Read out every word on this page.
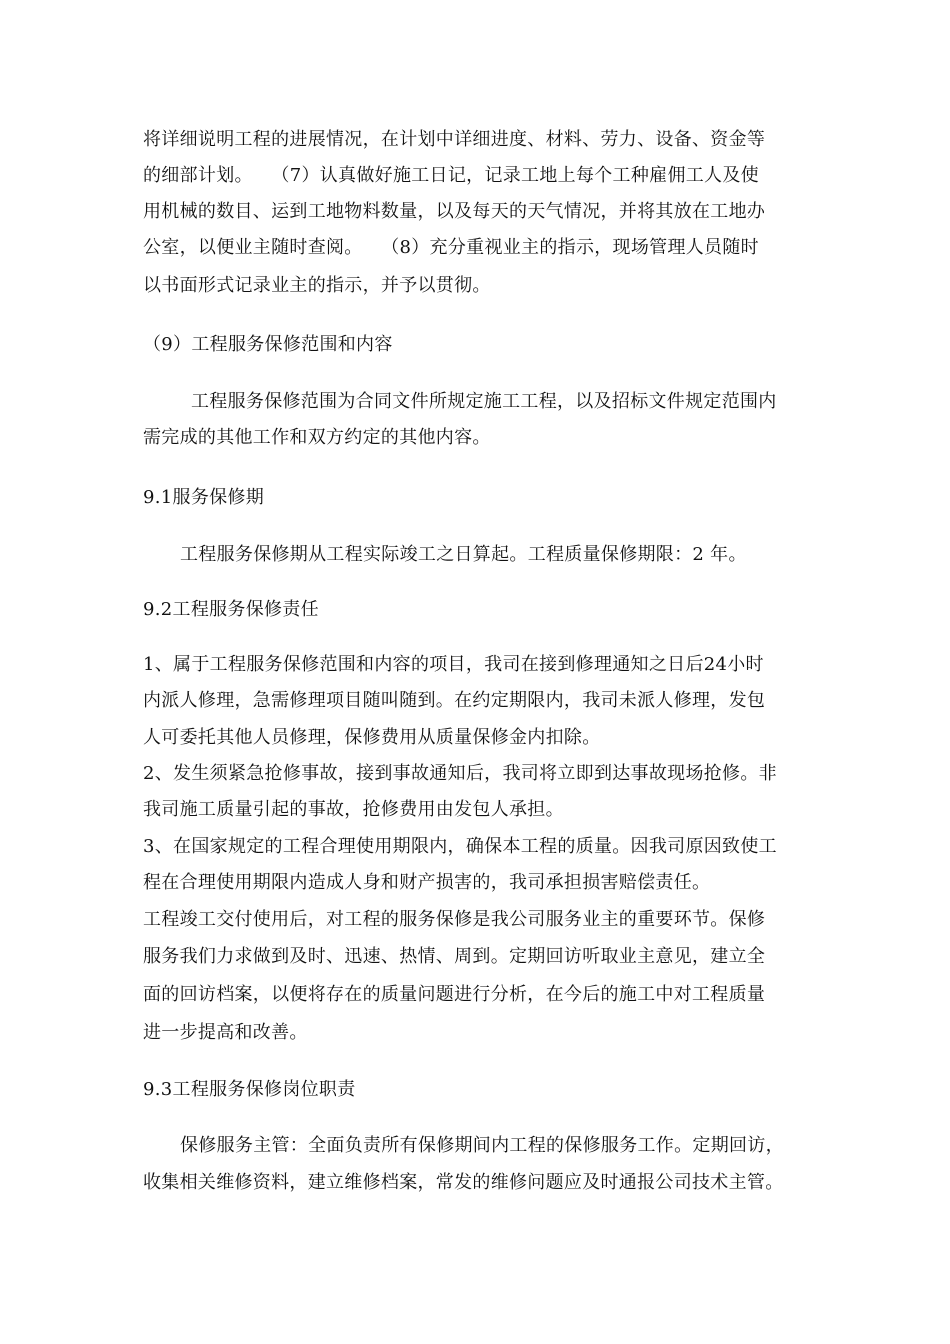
将详细说明工程的进展情况，在计划中详细进度、材料、劳力、设备、资金等
的细部计划。　　（7）认真做好施工日记，记录工地上每个工种雇佣工人及使
用机械的数目、运到工地物料数量，以及每天的天气情况，并将其放在工地办
公室，以便业主随时查阅。　　（8）充分重视业主的指示，现场管理人员随时
以书面形式记录业主的指示，并予以贯彻。
（9）工程服务保修范围和内容
工程服务保修范围为合同文件所规定施工工程，以及招标文件规定范围内
需完成的其他工作和双方约定的其他内容。
9.1服务保修期
工程服务保修期从工程实际竣工之日算起。工程质量保修期限：2 年。
9.2工程服务保修责任
1、属于工程服务保修范围和内容的项目，我司在接到修理通知之日后24小时
内派人修理，急需修理项目随叫随到。在约定期限内，我司未派人修理，发包
人可委托其他人员修理，保修费用从质量保修金内扣除。
2、发生须紧急抢修事故，接到事故通知后，我司将立即到达事故现场抢修。非
我司施工质量引起的事故，抢修费用由发包人承担。
3、在国家规定的工程合理使用期限内，确保本工程的质量。因我司原因致使工
程在合理使用期限内造成人身和财产损害的，我司承担损害赔偿责任。
工程竣工交付使用后，对工程的服务保修是我公司服务业主的重要环节。保修
服务我们力求做到及时、迅速、热情、周到。定期回访听取业主意见，建立全
面的回访档案，以便将存在的质量问题进行分析，在今后的施工中对工程质量
进一步提高和改善。
9.3工程服务保修岗位职责
保修服务主管：全面负责所有保修期间内工程的保修服务工作。定期回访，
收集相关维修资料，建立维修档案，常发的维修问题应及时通报公司技术主管。
